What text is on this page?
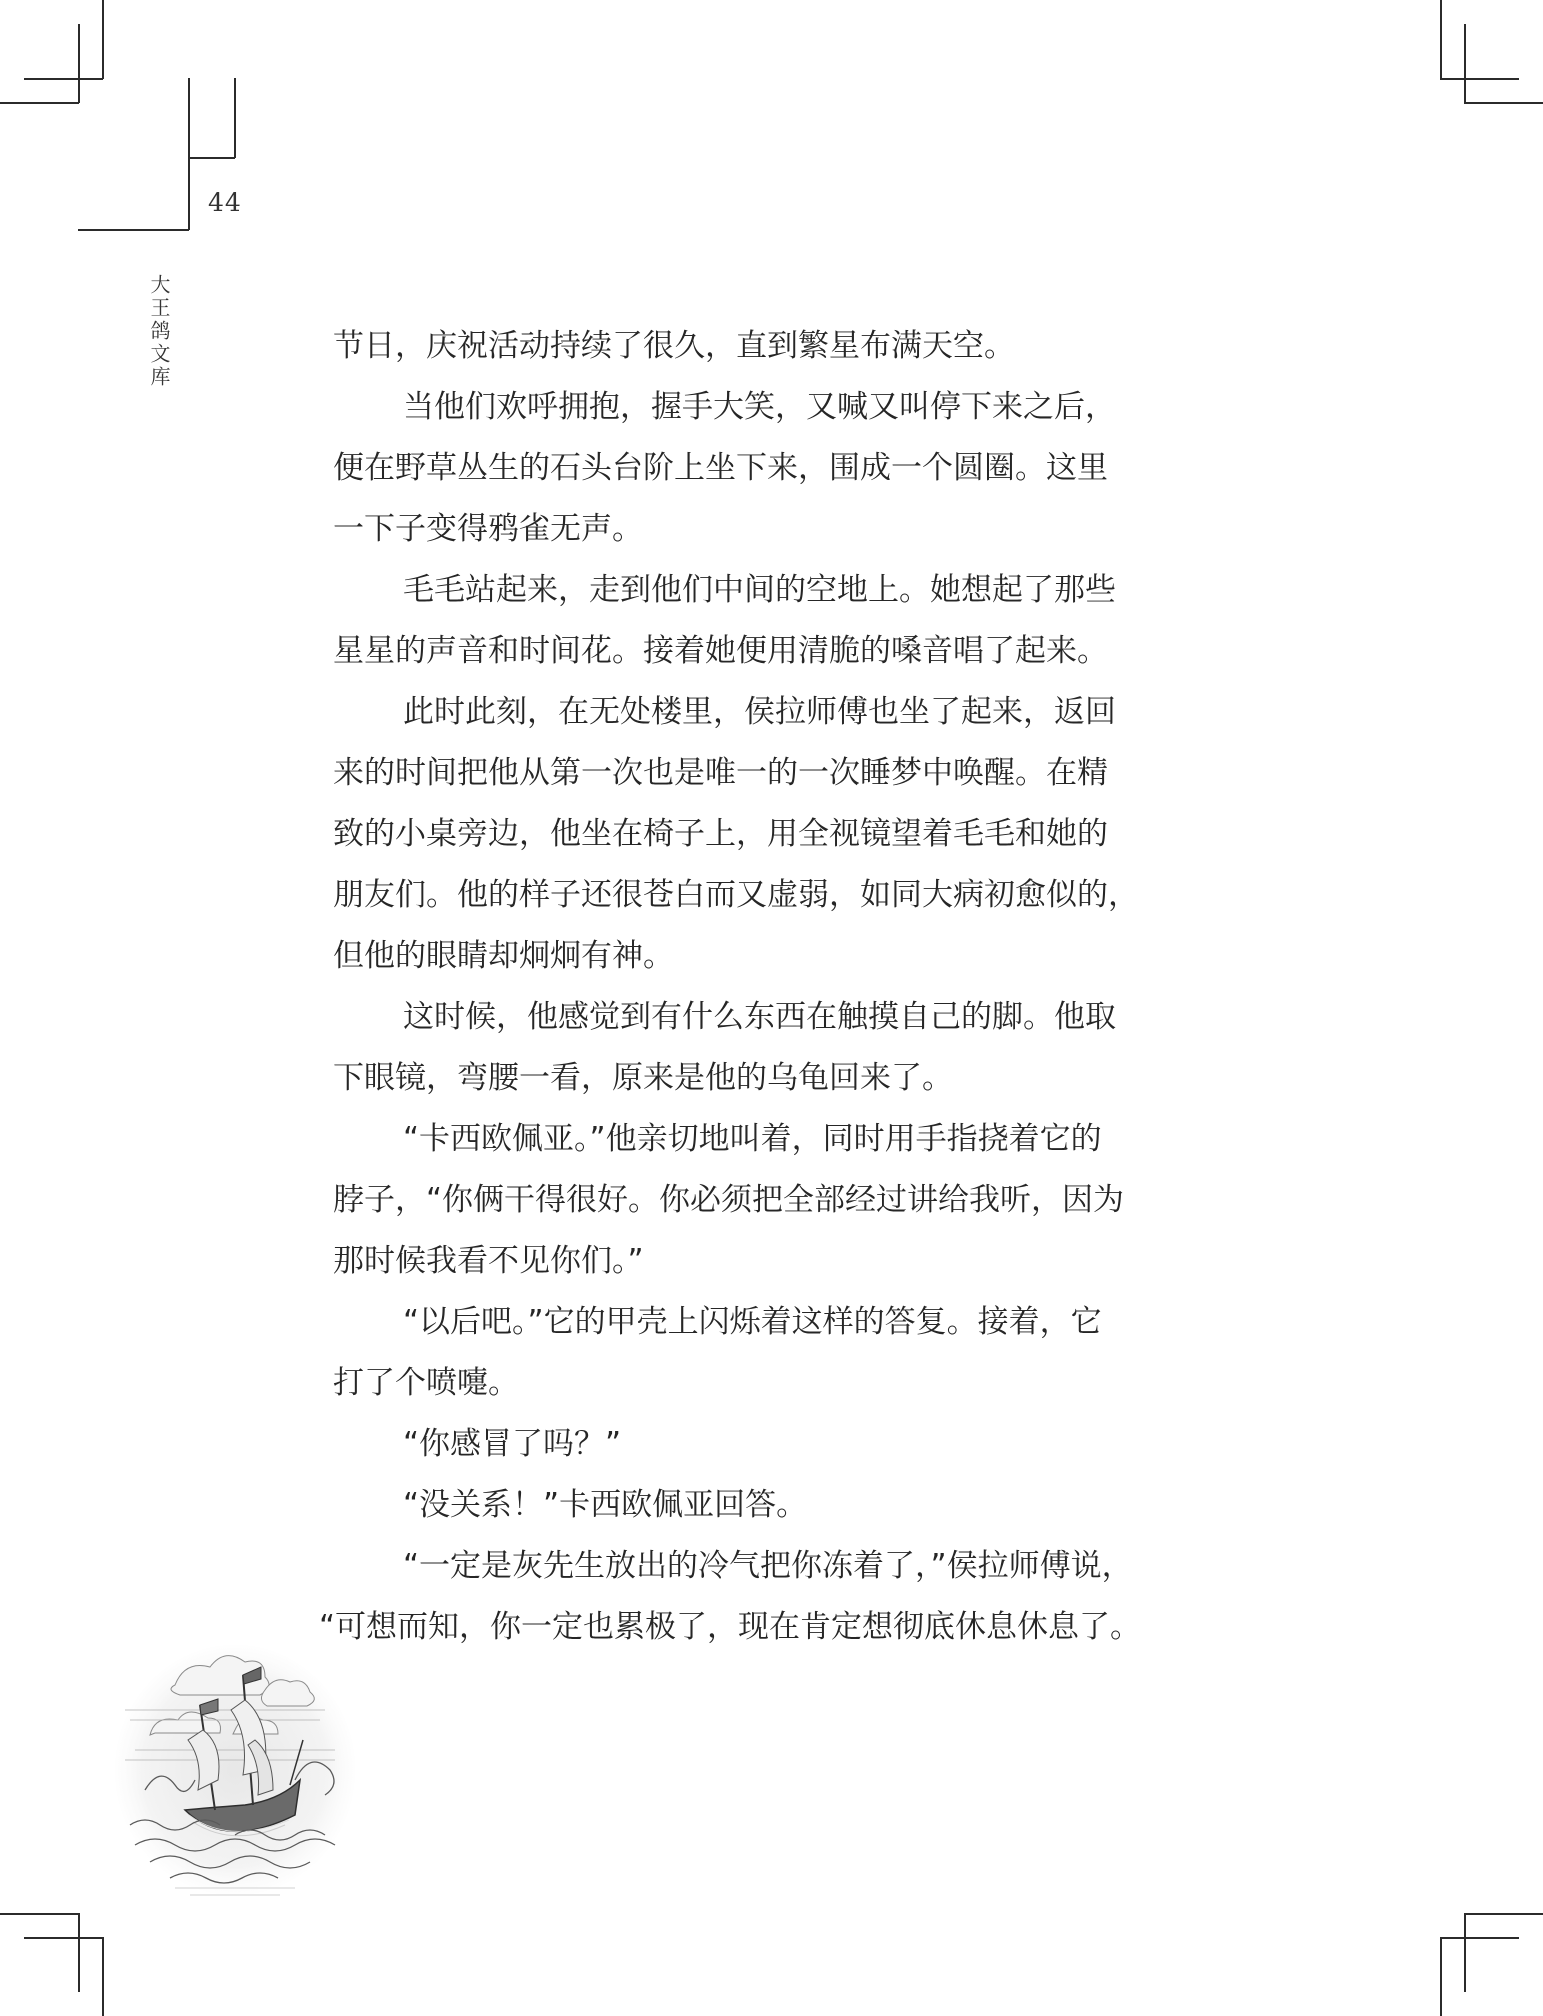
44
大王鸽文库	节日，庆祝活动持续了很久，直到繁星布满天空。
当他们欢呼拥抱，握手大笑，又喊又叫停下来之后，
便在野草丛生的石头台阶上坐下来，围成一个圆圈。这里
一下子变得鸦雀无声。
毛毛站起来，走到他们中间的空地上。她想起了那些
星星的声音和时间花。接着她便用清脆的嗓音唱了起来。
此时此刻，在无处楼里，侯拉师傅也坐了起来，返回
来的时间把他从第一次也是唯一的一次睡梦中唤醒。在精
致的小桌旁边，他坐在椅子上，用全视镜望着毛毛和她的
朋友们。他的样子还很苍白而又虚弱，如同大病初愈似的，
但他的眼睛却炯炯有神。
这时候，他感觉到有什么东西在触摸自己的脚。他取
下眼镜，弯腰一看，原来是他的乌龟回来了。
“卡西欧佩亚。”他亲切地叫着，同时用手指挠着它的
脖子，“你俩干得很好。你必须把全部经过讲给我听，因为
那时候我看不见你们。”
“以后吧。”它的甲壳上闪烁着这样的答复。接着，它
打了个喷嚏。
“你感冒了吗？”
“没关系！”卡西欧佩亚回答。
“一定是灰先生放出的冷气把你冻着了，”侯拉师傅说，
“可想而知，你一定也累极了，现在肯定想彻底休息休息了。
